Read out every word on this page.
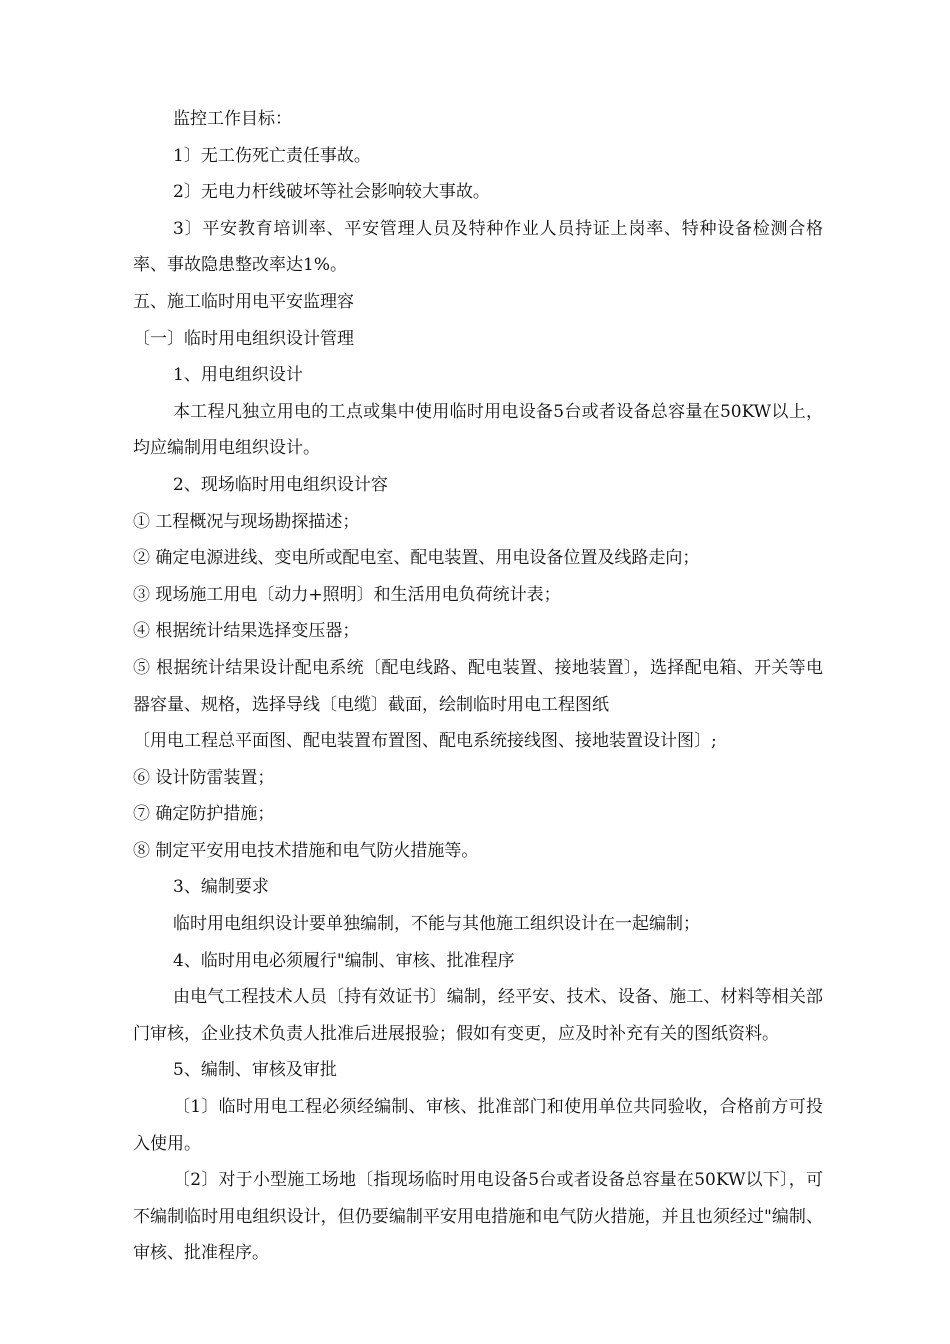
监控工作目标：

1〕无工伤死亡责任事故。

2〕无电力杆线破坏等社会影响较大事故。

3〕平安教育培训率、平安管理人员及特种作业人员持证上岗率、特种设备检测合格率、事故隐患整改率达1%。

五、施工临时用电平安监理容

〔一〕临时用电组织设计管理

1、用电组织设计

本工程凡独立用电的工点或集中使用临时用电设备5台或者设备总容量在50KW以上，均应编制用电组织设计。

2、现场临时用电组织设计容

① 工程概况与现场勘探描述；

② 确定电源进线、变电所或配电室、配电装置、用电设备位置及线路走向；

③ 现场施工用电〔动力+照明〕和生活用电负荷统计表；

④ 根据统计结果选择变压器；

⑤ 根据统计结果设计配电系统〔配电线路、配电装置、接地装置〕，选择配电箱、开关等电器容量、规格，选择导线〔电缆〕截面，绘制临时用电工程图纸

〔用电工程总平面图、配电装置布置图、配电系统接线图、接地装置设计图〕;

⑥ 设计防雷装置；

⑦ 确定防护措施；

⑧ 制定平安用电技术措施和电气防火措施等。

3、编制要求

临时用电组织设计要单独编制，不能与其他施工组织设计在一起编制；

4、临时用电必须履行"编制、审核、批准程序

由电气工程技术人员〔持有效证书〕编制，经平安、技术、设备、施工、材料等相关部门审核，企业技术负责人批准后进展报验；假如有变更，应及时补充有关的图纸资料。

5、编制、审核及审批

〔1〕临时用电工程必须经编制、审核、批准部门和使用单位共同验收，合格前方可投入使用。

〔2〕对于小型施工场地〔指现场临时用电设备5台或者设备总容量在50KW以下〕，可不编制临时用电组织设计，但仍要编制平安用电措施和电气防火措施，并且也须经过"编制、审核、批准程序。
